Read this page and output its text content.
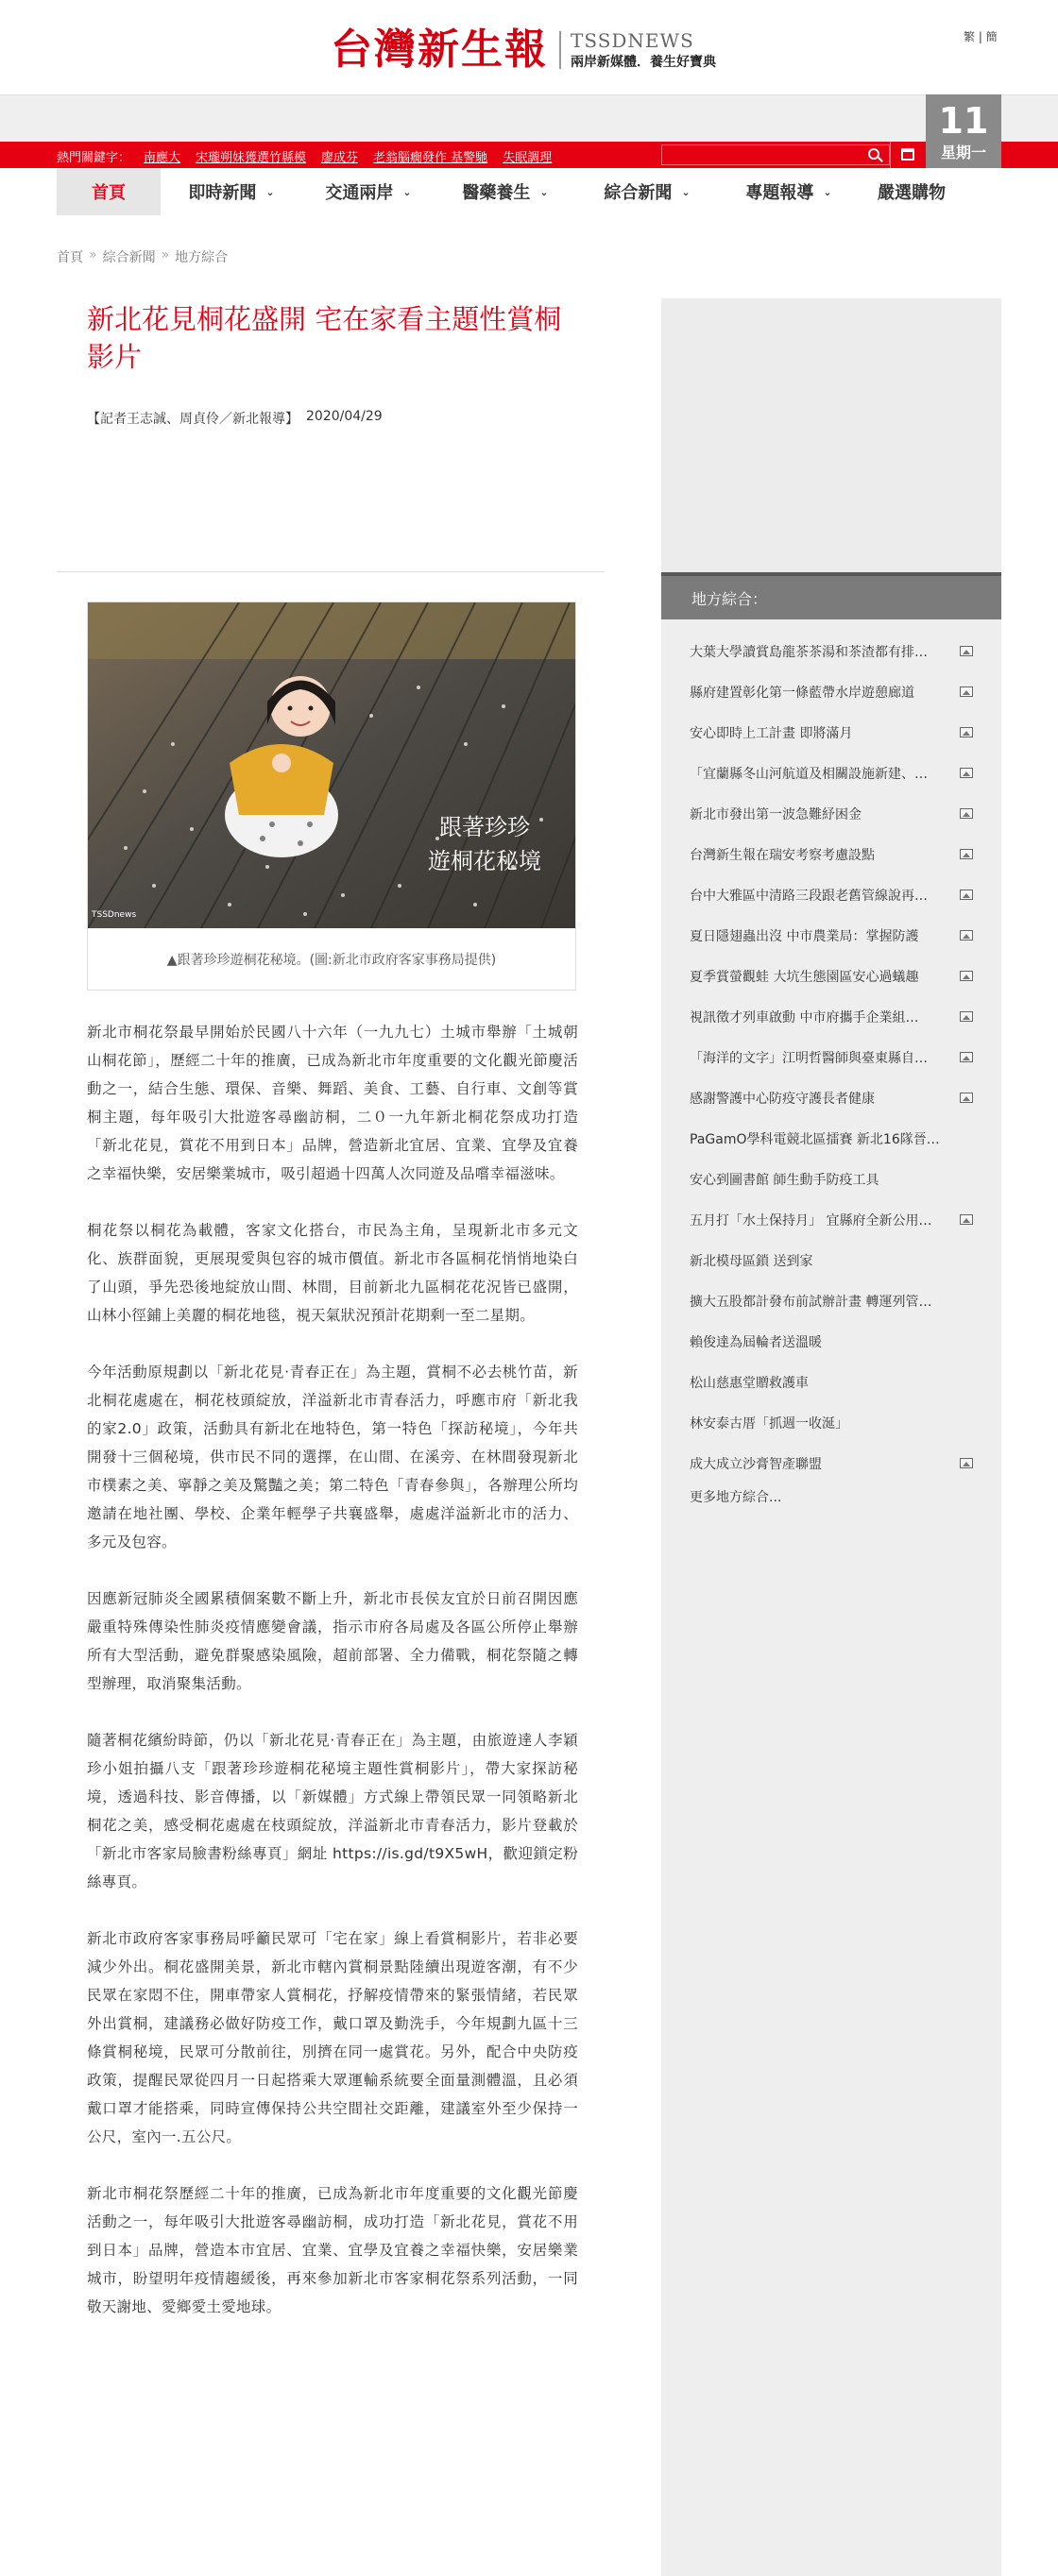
台灣新生報 TSSDNEWS
兩岸新媒體．養生好寶典
繁 | 簡
熱門關鍵字： 南應大 宋瓏朔妹獲選竹縣模 廖成芬 老翁腦癇發作 基警馳 失眠調理
11
星期一
首頁	即時新聞 ⌄	交通兩岸 ⌄	醫藥養生 ⌄	綜合新聞 ⌄	專題報導 ⌄	嚴選購物
首頁 » 綜合新聞 » 地方綜合
新北花見桐花盛開 宅在家看主題性賞桐影片
【記者王志誠、周貞伶／新北報導】 2020/04/29
跟著珍珍
遊桐花秘境
TSSDnews
▲跟著珍珍遊桐花秘境。(圖:新北市政府客家事務局提供)

新北市桐花祭最早開始於民國八十六年（一九九七）土城市舉辦「土城朝山桐花節」，歷經二十年的推廣，已成為新北市年度重要的文化觀光節慶活動之一，結合生態、環保、音樂、舞蹈、美食、工藝、自行車、文創等賞桐主題，每年吸引大批遊客尋幽訪桐，二０一九年新北桐花祭成功打造「新北花見，賞花不用到日本」品牌，營造新北宜居、宜業、宜學及宜養之幸福快樂，安居樂業城市，吸引超過十四萬人次同遊及品嚐幸福滋味。

桐花祭以桐花為載體，客家文化搭台，市民為主角，呈現新北市多元文化、族群面貌，更展現愛與包容的城市價值。新北市各區桐花悄悄地染白了山頭，爭先恐後地綻放山間、林間，目前新北九區桐花花況皆已盛開，山林小徑鋪上美麗的桐花地毯，視天氣狀況預計花期剩一至二星期。

今年活動原規劃以「新北花見·青春正在」為主題，賞桐不必去桃竹苗，新北桐花處處在，桐花枝頭綻放，洋溢新北市青春活力，呼應市府「新北我的家2.0」政策，活動具有新北在地特色，第一特色「探訪秘境」，今年共開發十三個秘境，供市民不同的選擇，在山間、在溪旁、在林間發現新北市樸素之美、寧靜之美及驚豔之美；第二特色「青春參與」，各辦理公所均邀請在地社團、學校、企業年輕學子共襄盛舉，處處洋溢新北市的活力、多元及包容。

因應新冠肺炎全國累積個案數不斷上升，新北市長侯友宜於日前召開因應嚴重特殊傳染性肺炎疫情應變會議，指示市府各局處及各區公所停止舉辦所有大型活動，避免群聚感染風險，超前部署、全力備戰，桐花祭隨之轉型辦理，取消聚集活動。

隨著桐花繽紛時節，仍以「新北花見·青春正在」為主題，由旅遊達人李穎珍小姐拍攝八支「跟著珍珍遊桐花秘境主題性賞桐影片」，帶大家探訪秘境，透過科技、影音傳播，以「新媒體」方式線上帶領民眾一同領略新北桐花之美，感受桐花處處在枝頭綻放，洋溢新北市青春活力，影片登載於「新北市客家局臉書粉絲專頁」網址 https://is.gd/t9X5wH，歡迎鎖定粉絲專頁。

新北市政府客家事務局呼籲民眾可「宅在家」線上看賞桐影片，若非必要減少外出。桐花盛開美景，新北市轄內賞桐景點陸續出現遊客潮，有不少民眾在家悶不住，開車帶家人賞桐花，抒解疫情帶來的緊張情緒，若民眾外出賞桐，建議務必做好防疫工作，戴口罩及勤洗手，今年規劃九區十三條賞桐秘境，民眾可分散前往，別擠在同一處賞花。另外，配合中央防疫政策，提醒民眾從四月一日起搭乘大眾運輸系統要全面量測體溫，且必須戴口罩才能搭乘，同時宣傳保持公共空間社交距離，建議室外至少保持一公尺，室內一.五公尺。

新北市桐花祭歷經二十年的推廣，已成為新北市年度重要的文化觀光節慶活動之一，每年吸引大批遊客尋幽訪桐，成功打造「新北花見，賞花不用到日本」品牌，營造本市宜居、宜業、宜學及宜養之幸福快樂，安居樂業城市，盼望明年疫情趨緩後，再來參加新北市客家桐花祭系列活動，一同敬天謝地、愛鄉愛土愛地球。

地方綜合：
大葉大學讀賞島龍茶茶湯和茶渣都有排…
縣府建置彰化第一條藍帶水岸遊憩廊道
安心即時上工計畫 即將滿月
「宜蘭縣冬山河航道及相關設施新建、…
新北市發出第一波急難紓困金
台灣新生報在瑞安考察考慮設點
台中大雅區中清路三段跟老舊管線說再…
夏日隱翅蟲出沒 中市農業局：掌握防護
夏季賞螢觀蛙 大坑生態園區安心過蟻趣
視訊徵才列車啟動 中市府攜手企業組…
「海洋的文字」江明哲醫師與臺東縣自…
感謝警護中心防疫守護長者健康
PaGamO學科電競北區擂賽 新北16隊晉…
安心到圖書館 師生動手防疫工具
五月打「水土保持月」 宜縣府全新公用…
新北模母區鎖 送到家
擴大五股都計發布前試辦計畫 轉運列管…
賴俊達為屆輪者送溫暖
松山慈惠堂贈救護車
林安泰古厝「抓週一收涎」
成大成立沙膏智產聯盟
更多地方綜合...
